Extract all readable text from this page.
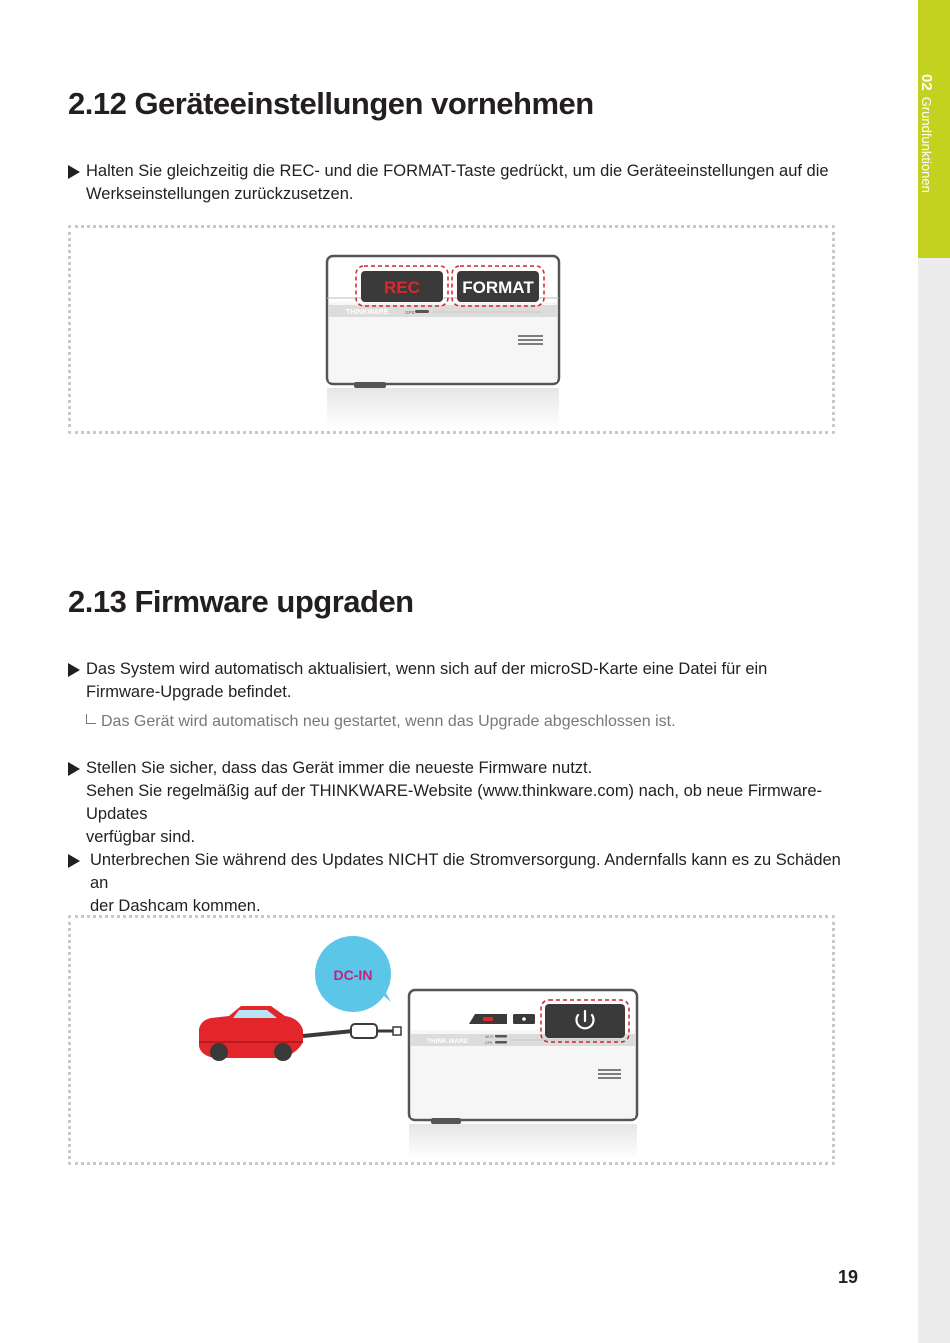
02Grundfunktionen
2.12 Geräteeinstellungen vornehmen
Halten Sie gleichzeitig die REC- und die FORMAT-Taste gedrückt, um die Geräteeinstellungen auf die
Werkseinstellungen zurückzusetzen.
THINKWARE	GPS
REC FORMAT
2.13 Firmware upgraden
Das System wird automatisch aktualisiert, wenn sich auf der microSD-Karte eine Datei für ein
Firmware-Upgrade befindet.
Das Gerät wird automatisch neu gestartet, wenn das Upgrade abgeschlossen ist.
Stellen Sie sicher, dass das Gerät immer die neueste Firmware nutzt.
Sehen Sie regelmäßig auf der THINKWARE-Website (www.thinkware.com) nach, ob neue Firmware-Updates
verfügbar sind.
Unterbrechen Sie während des Updates NICHT die Stromversorgung. Andernfalls kann es zu Schäden an
der Dashcam kommen.
DC-IN
THINK WARE
Wi-Fi
GPS
19
